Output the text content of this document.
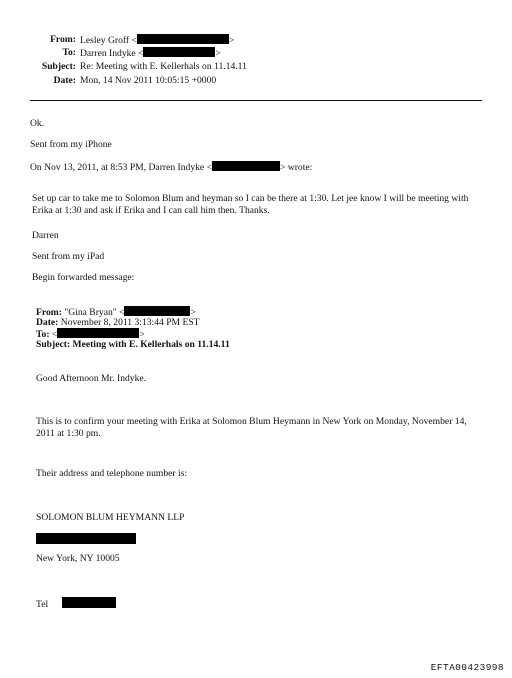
From: Lesley Groff <	>
To: Darren Indyke <	>
Subject: Re: Meeting with E. Kellerhals on 11.14.11
Date: Mon, 14 Nov 2011 10:05:15 +0000
Ok.
Sent from my iPhone
On Nov 13, 2011, at 8:53 PM, Darren Indyke <	> wrote:
Set up car to take me to Solomon Blum and heyman so I can be there at 1:30. Let jee know I will be meeting with Erika at 1:30 and ask if Erika and I can call him then. Thanks.
Darren
Sent from my iPad
Begin forwarded message:
From: "Gina Bryan" <	>
Date: November 8, 2011 3:13:44 PM EST
To: <	>
Subject: Meeting with E. Kellerhals on 11.14.11
Good Afternoon Mr. Indyke.
This is to confirm your meeting with Erika at Solomon Blum Heymann in New York on Monday, November 14, 2011 at 1:30 pm.
Their address and telephone number is:
SOLOMON BLUM HEYMANN LLP
New York, NY 10005
Tel
EFTA00423998
